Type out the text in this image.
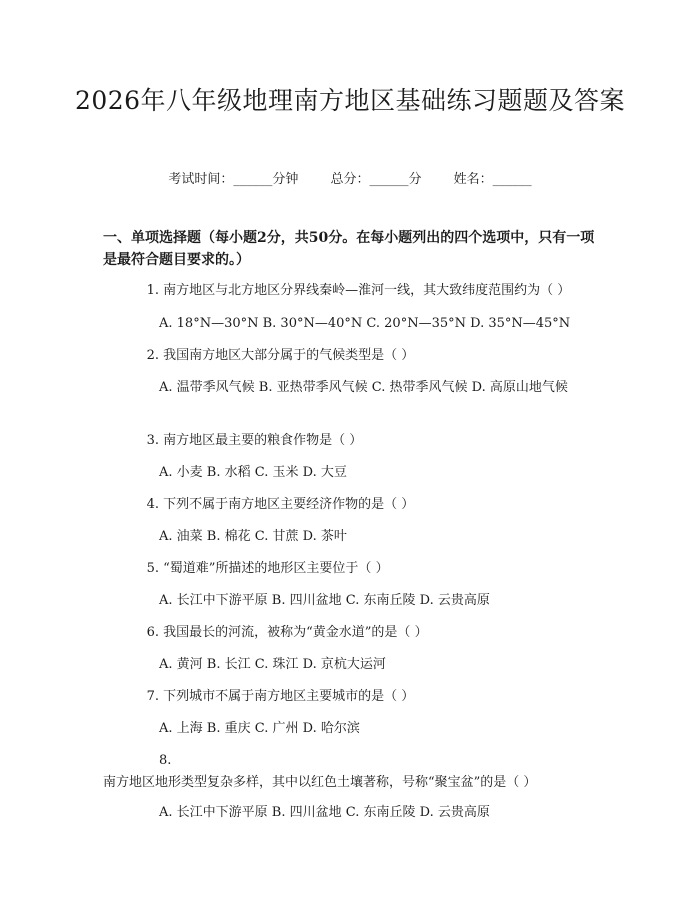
2026年八年级地理南方地区基础练习题题及答案
考试时间：______分钟 总分：______分 姓名：______

一、单项选择题（每小题2分，共50分。在每小题列出的四个选项中，只有一项是最符合题目要求的。）

1. 南方地区与北方地区分界线秦岭—淮河一线，其大致纬度范围约为（ ）

A. 18°N—30°N B. 30°N—40°N C. 20°N—35°N D. 35°N—45°N

2. 我国南方地区大部分属于的气候类型是（ ）

A. 温带季风气候 B. 亚热带季风气候 C. 热带季风气候 D. 高原山地气候

3. 南方地区最主要的粮食作物是（ ）

A. 小麦 B. 水稻 C. 玉米 D. 大豆

4. 下列不属于南方地区主要经济作物的是（ ）

A. 油菜 B. 棉花 C. 甘蔗 D. 茶叶

5. “蜀道难”所描述的地形区主要位于（ ）

A. 长江中下游平原 B. 四川盆地 C. 东南丘陵 D. 云贵高原

6. 我国最长的河流，被称为“黄金水道”的是（ ）

A. 黄河 B. 长江 C. 珠江 D. 京杭大运河

7. 下列城市不属于南方地区主要城市的是（ ）

A. 上海 B. 重庆 C. 广州 D. 哈尔滨

8. 南方地区地形类型复杂多样，其中以红色土壤著称，号称“聚宝盆”的是（ ）

A. 长江中下游平原 B. 四川盆地 C. 东南丘陵 D. 云贵高原
